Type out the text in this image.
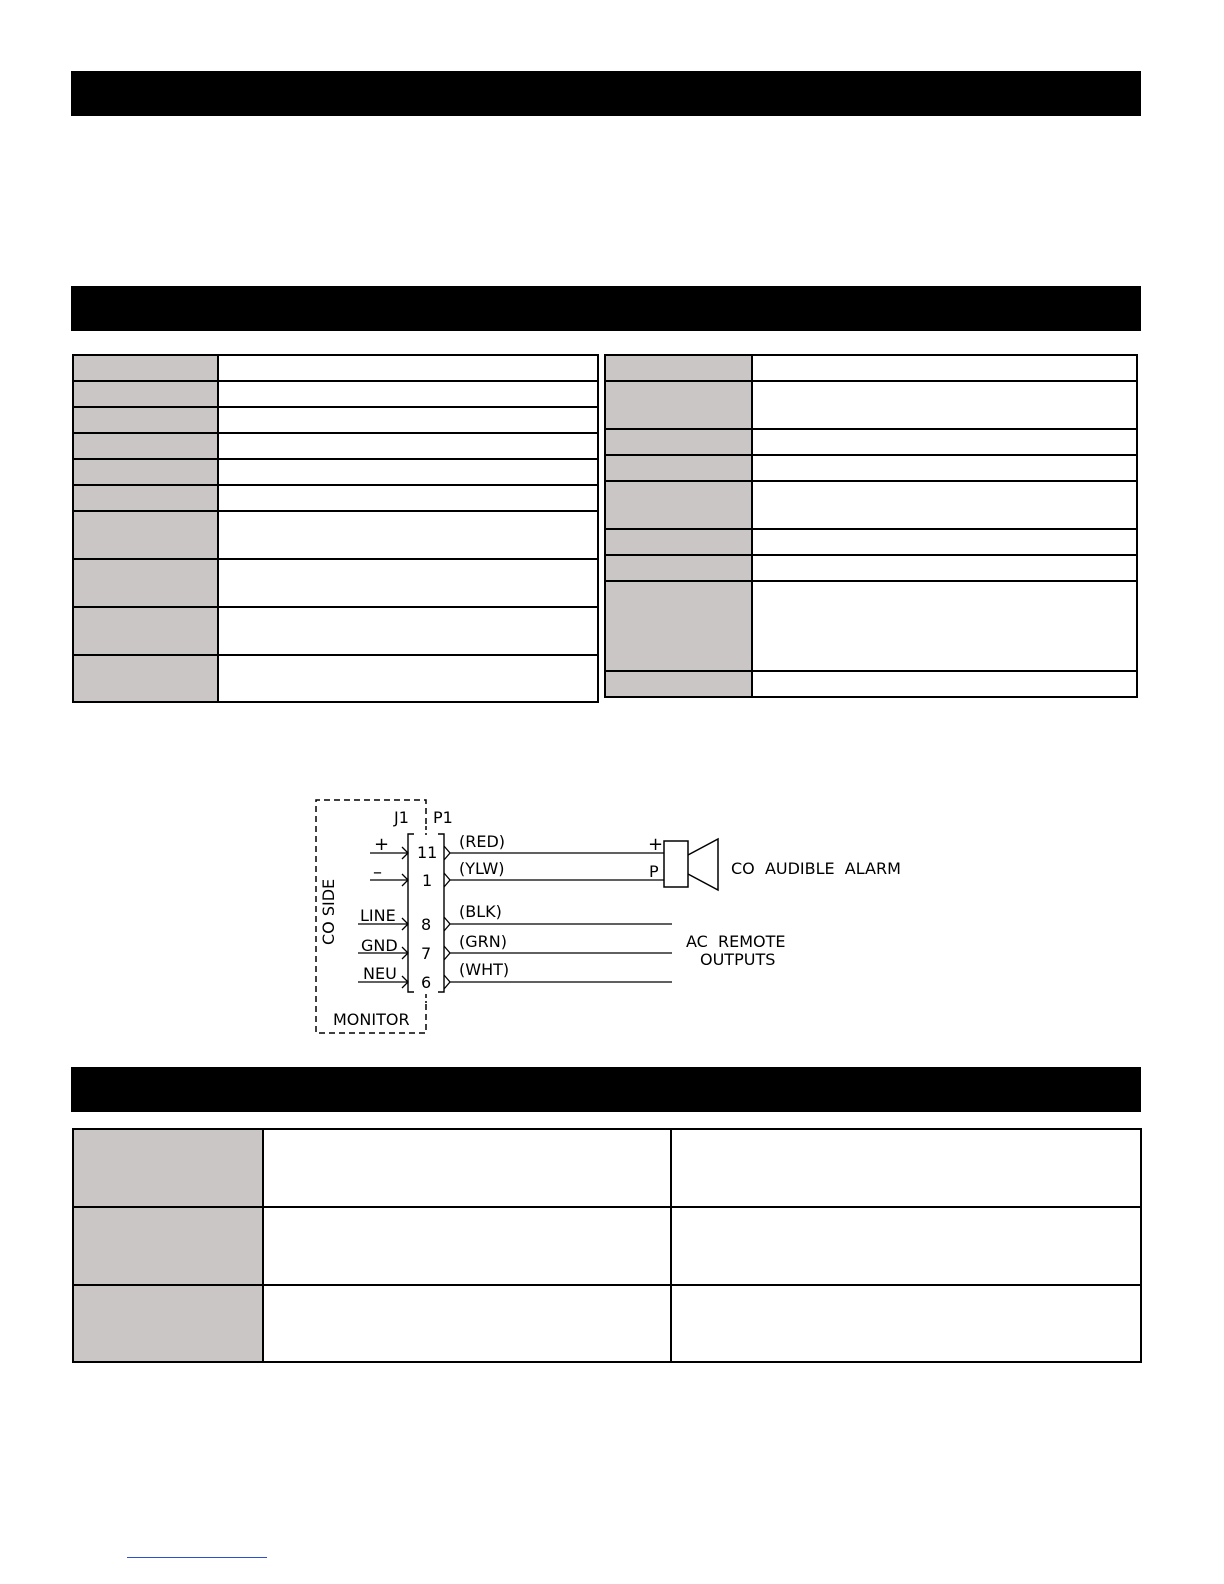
J1 P1
CO SIDE
MONITOR
+ 11
(RED)
–	1
(YLW)
LINE 8
(BLK)
GND 7
(GRN)
NEU 6
(WHT)
+
P	CO  AUDIBLE  ALARM
AC  REMOTE
OUTPUTS
